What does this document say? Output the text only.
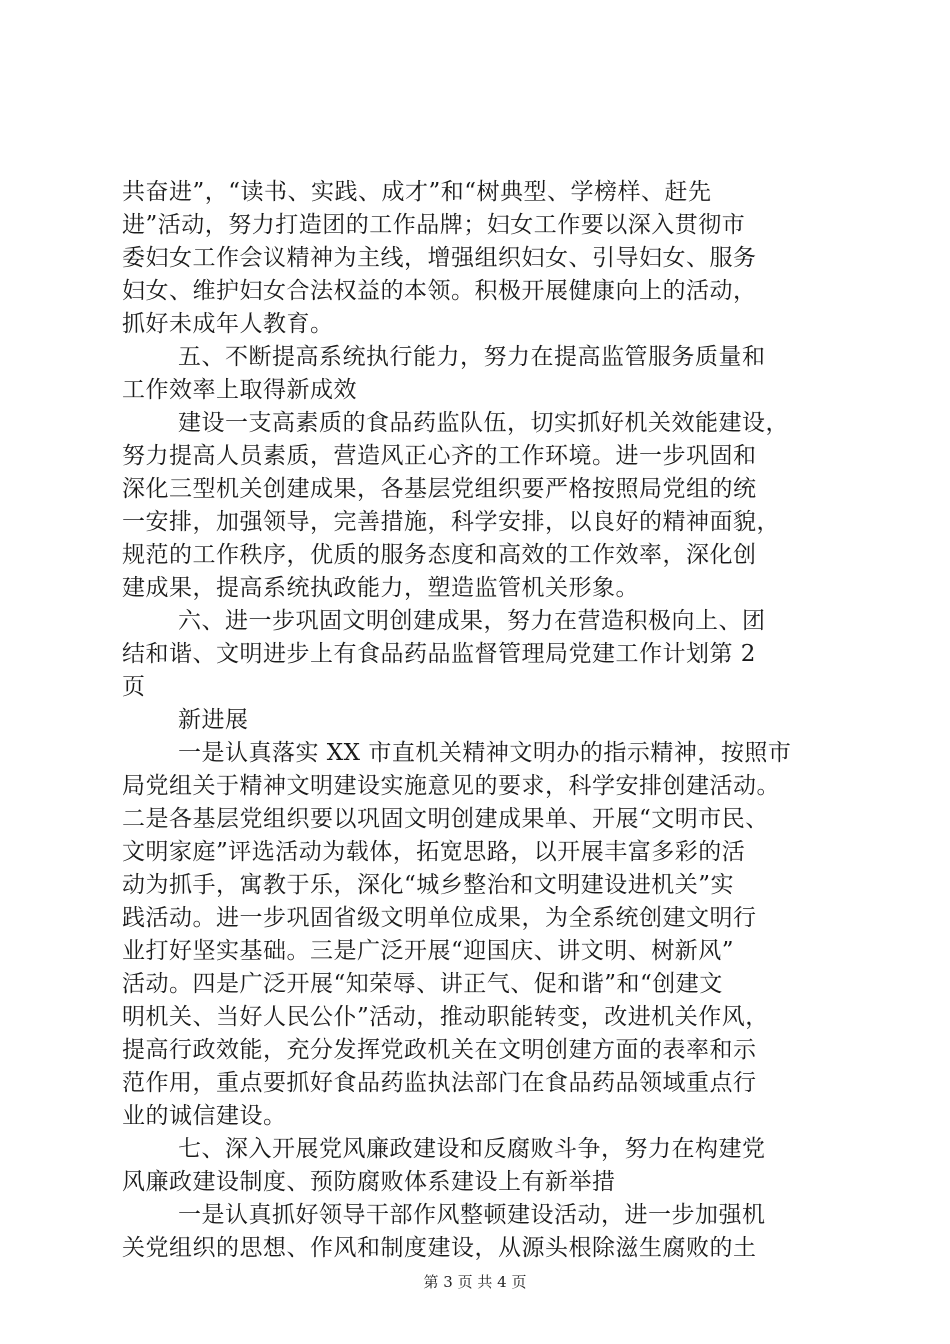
共奋进”，“读书、实践、成才”和“树典型、学榜样、赶先
进”活动，努力打造团的工作品牌；妇女工作要以深入贯彻市
委妇女工作会议精神为主线，增强组织妇女、引导妇女、服务
妇女、维护妇女合法权益的本领。积极开展健康向上的活动，
抓好未成年人教育。
五、不断提高系统执行能力，努力在提高监管服务质量和
工作效率上取得新成效
建设一支高素质的食品药监队伍，切实抓好机关效能建设，
努力提高人员素质，营造风正心齐的工作环境。进一步巩固和
深化三型机关创建成果，各基层党组织要严格按照局党组的统
一安排，加强领导，完善措施，科学安排，以良好的精神面貌，
规范的工作秩序，优质的服务态度和高效的工作效率，深化创
建成果，提高系统执政能力，塑造监管机关形象。
六、进一步巩固文明创建成果，努力在营造积极向上、团
结和谐、文明进步上有食品药品监督管理局党建工作计划第 2
页
新进展
一是认真落实 XX 市直机关精神文明办的指示精神，按照市
局党组关于精神文明建设实施意见的要求，科学安排创建活动。
二是各基层党组织要以巩固文明创建成果单、开展“文明市民、
文明家庭”评选活动为载体，拓宽思路，以开展丰富多彩的活
动为抓手，寓教于乐，深化“城乡整治和文明建设进机关”实
践活动。进一步巩固省级文明单位成果，为全系统创建文明行
业打好坚实基础。三是广泛开展“迎国庆、讲文明、树新风”
活动。四是广泛开展“知荣辱、讲正气、促和谐”和“创建文
明机关、当好人民公仆”活动，推动职能转变，改进机关作风，
提高行政效能，充分发挥党政机关在文明创建方面的表率和示
范作用，重点要抓好食品药监执法部门在食品药品领域重点行
业的诚信建设。
七、深入开展党风廉政建设和反腐败斗争，努力在构建党
风廉政建设制度、预防腐败体系建设上有新举措
一是认真抓好领导干部作风整顿建设活动，进一步加强机
关党组织的思想、作风和制度建设，从源头根除滋生腐败的土
第 3 页 共 4 页
